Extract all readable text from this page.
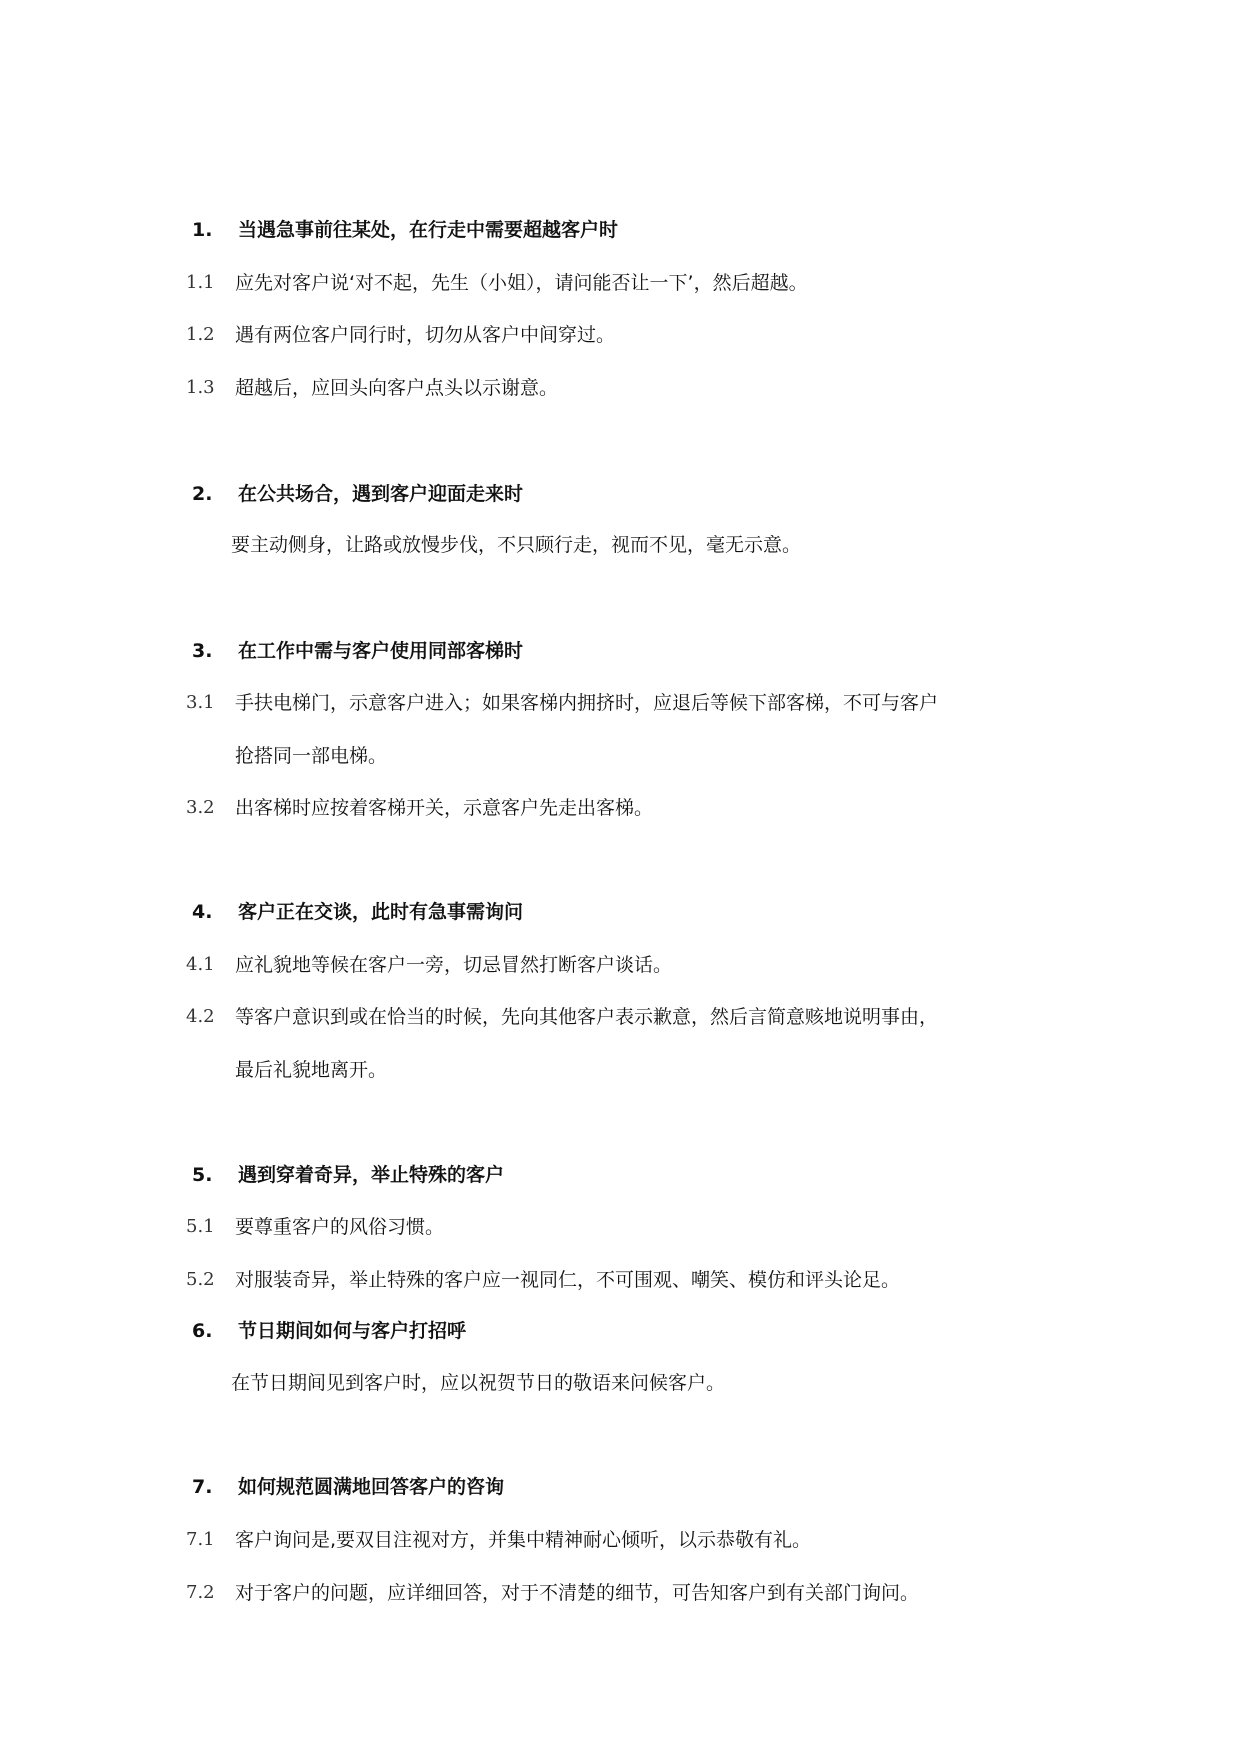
1. 当遇急事前往某处，在行走中需要超越客户时
1.1 应先对客户说‘对不起，先生（小姐），请问能否让一下’，然后超越。
1.2 遇有两位客户同行时，切勿从客户中间穿过。
1.3 超越后，应回头向客户点头以示谢意。
2. 在公共场合，遇到客户迎面走来时
要主动侧身，让路或放慢步伐，不只顾行走，视而不见，毫无示意。
3. 在工作中需与客户使用同部客梯时
3.1 手扶电梯门，示意客户进入；如果客梯内拥挤时，应退后等候下部客梯，不可与客户
抢搭同一部电梯。
3.2 出客梯时应按着客梯开关，示意客户先走出客梯。
4. 客户正在交谈，此时有急事需询问
4.1 应礼貌地等候在客户一旁，切忌冒然打断客户谈话。
4.2 等客户意识到或在恰当的时候，先向其他客户表示歉意，然后言简意赅地说明事由，
最后礼貌地离开。
5. 遇到穿着奇异，举止特殊的客户
5.1 要尊重客户的风俗习惯。
5.2 对服装奇异，举止特殊的客户应一视同仁，不可围观、嘲笑、模仿和评头论足。
6. 节日期间如何与客户打招呼
在节日期间见到客户时，应以祝贺节日的敬语来问候客户。
7. 如何规范圆满地回答客户的咨询
7.1 客户询问是,要双目注视对方，并集中精神耐心倾听，以示恭敬有礼。
7.2 对于客户的问题，应详细回答，对于不清楚的细节，可告知客户到有关部门询问。
